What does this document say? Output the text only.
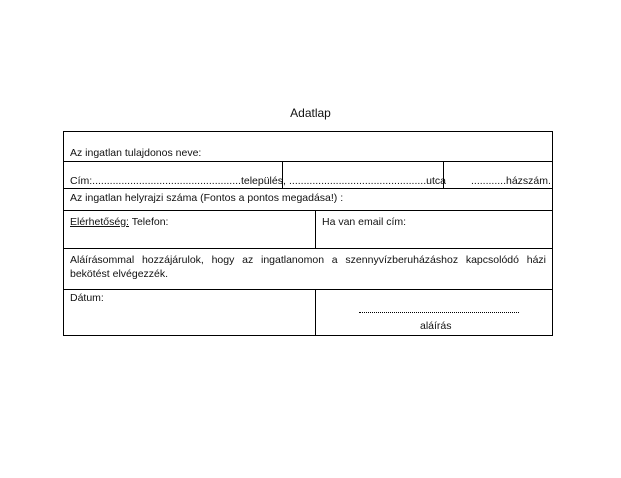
Adatlap
Az ingatlan tulajdonos neve:
Cím:...................................................település, ...............................................utca ............házszám.
Az ingatlan helyrajzi száma (Fontos a pontos megadása!) :
Elérhetőség: Telefon:	Ha van email cím:
Aláírásommal hozzájárulok, hogy az ingatlanomon a szennyvízberuházáshoz kapcsolódó házi bekötést elvégezzék.
Dátum:
aláírás
